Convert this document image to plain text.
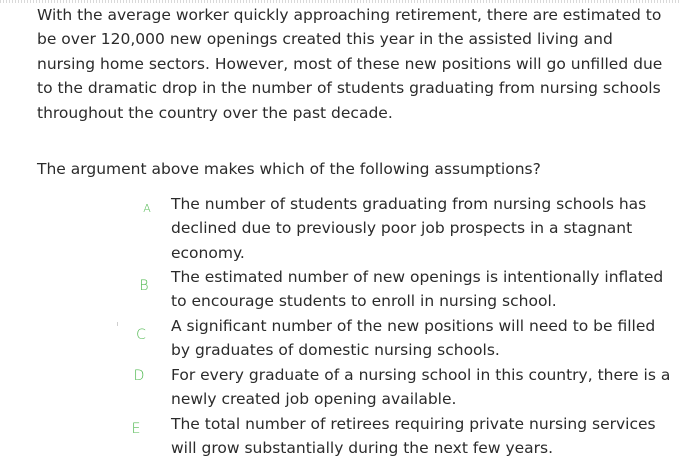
With the average worker quickly approaching retirement, there are estimated to be over 120,000 new openings created this year in the assisted living and nursing home sectors. However, most of these new positions will go unfilled due to the dramatic drop in the number of students graduating from nursing schools throughout the country over the past decade.

The argument above makes which of the following assumptions?

A	The number of students graduating from nursing schools has declined due to previously poor job prospects in a stagnant economy.
B	The estimated number of new openings is intentionally inflated to encourage students to enroll in nursing school.
C	A significant number of the new positions will need to be filled by graduates of domestic nursing schools.
D For every graduate of a nursing school in this country, there is a newly created job opening available.
E	The total number of retirees requiring private nursing services will grow substantially during the next few years.
